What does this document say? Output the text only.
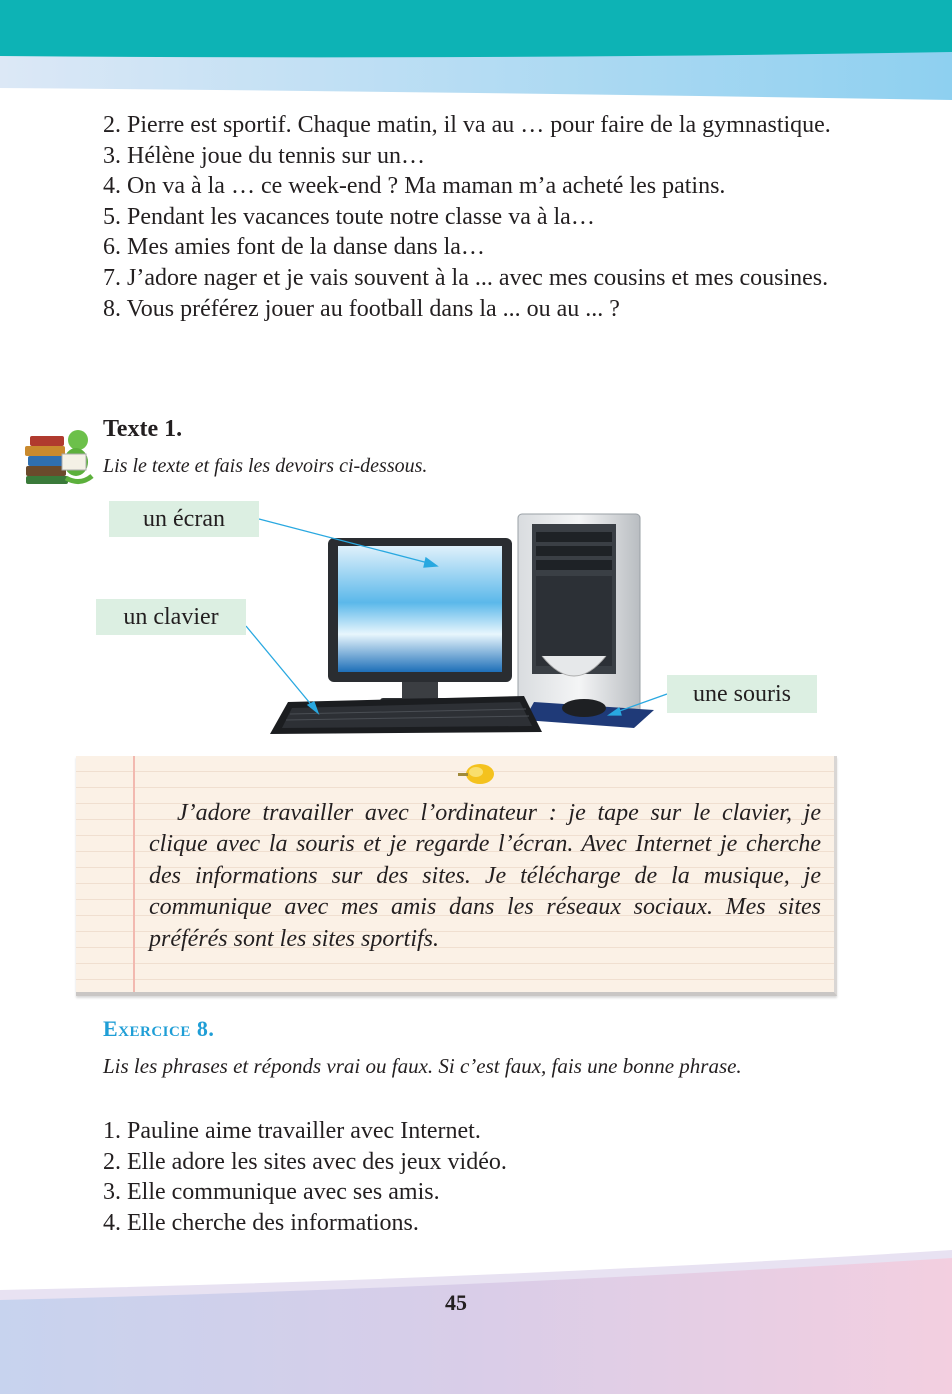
2. Pierre est sportif. Chaque matin, il va au … pour faire de la gymnastique.

3. Hélène joue du tennis sur un…

4. On va à la … ce week-end ? Ma maman m’a acheté les patins.

5. Pendant les vacances toute notre classe va à la…

6. Mes amies font de la danse dans la…

7. J’adore nager et je vais souvent à la ... avec mes cousins et mes cousines.

8. Vous préférez jouer au football dans la ... ou au ... ?

Texte 1.
Lis le texte et fais les devoirs ci-dessous.
un écran
un clavier
une souris
J’adore travailler avec l’ordinateur : je tape sur le clavier, je clique avec la souris et je regarde l’écran. Avec Internet je cherche des informations sur des sites. Je télécharge de la musique, je communique avec mes amis dans les réseaux sociaux. Mes sites préférés sont les sites sportifs.
Exercice 8.
Lis les phrases et réponds vrai ou faux. Si c’est faux, fais une bonne phrase.

1. Pauline aime travailler avec Internet.

2. Elle adore les sites avec des jeux vidéo.

3. Elle communique avec ses amis.

4. Elle cherche des informations.

45
